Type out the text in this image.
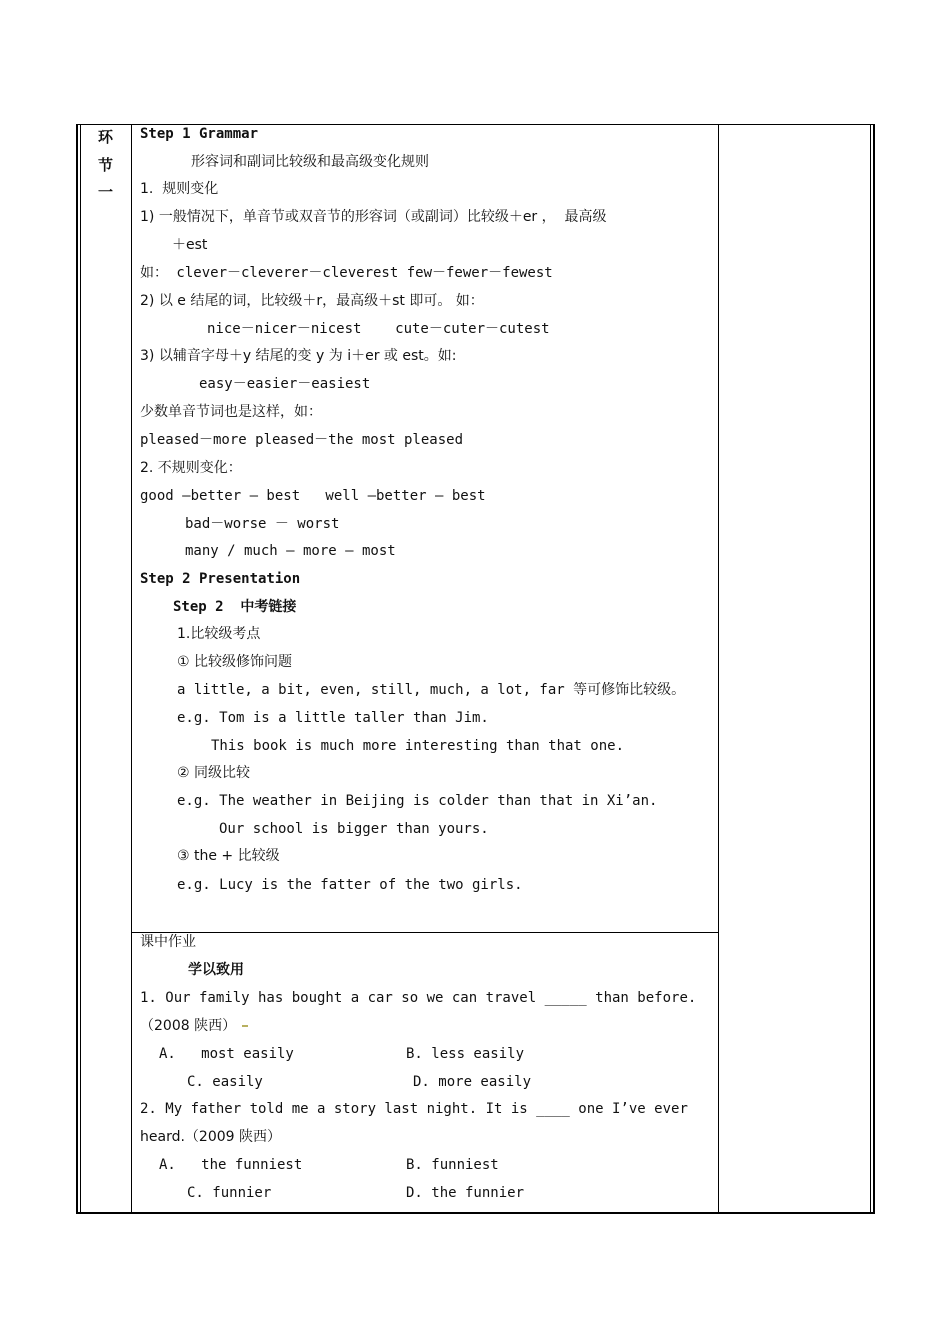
环
节
一
Step 1 Grammar
形容词和副词比较级和最高级变化规则
1.  规则变化
1) 一般情况下，单音节或双音节的形容词（或副词）比较级＋er ，  最高级
＋est
如： clever－cleverer－cleverest few－fewer－fewest
2) 以 e 结尾的词，比较级＋r，最高级＋st 即可。 如：
nice－nicer－nicest    cute－cuter－cutest
3) 以辅音字母＋y 结尾的变 y 为 i＋er 或 est。如:
easy－easier－easiest
少数单音节词也是这样，如：
pleased－more pleased－the most pleased
2. 不规则变化：
good —better — best   well —better — best
bad－worse － worst
many / much — more — most
Step 2 Presentation
Step 2  中考链接
1.比较级考点
① 比较级修饰问题
a little, a bit, even, still, much, a lot, far 等可修饰比较级。
e.g. Tom is a little taller than Jim.
This book is much more interesting than that one.
② 同级比较
e.g. The weather in Beijing is colder than that in Xi’an.
Our school is bigger than yours.
③ the + 比较级
e.g. Lucy is the fatter of the two girls.
课中作业
学以致用
1. Our family has bought a car so we can travel _____ than before.
（2008 陕西）
A.   most easily	B. less easily
C. easily	D. more easily
2. My father told me a story last night. It is ____ one I’ve ever
heard.（2009 陕西）
A.   the funniest	B. funniest
C. funnier	D. the funnier
